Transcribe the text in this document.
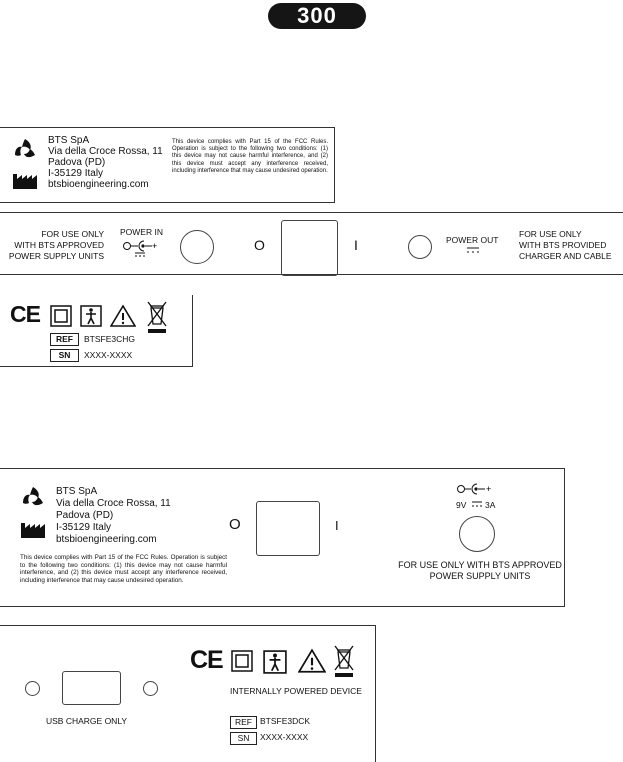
300
BTS SpA
Via della Croce Rossa, 11
Padova (PD)
I-35129 Italy
btsbioengineering.com
This device complies with Part 15 of the FCC Rules. Operation is subject to the following two conditions: (1) this device may not cause harmful interference, and (2) this device must accept any interference received, including interference that may cause undesired operation.
FOR USE ONLY
WITH BTS APPROVED
POWER SUPPLY UNITS
POWER IN
+	O	I	POWER OUT
FOR USE ONLY
WITH BTS PROVIDED
CHARGER AND CABLE
CE
REF	BTSFE3CHG
SN	XXXX-XXXX
BTS SpA
Via della Croce Rossa, 11
Padova (PD)
I-35129 Italy
btsbioengineering.com
This device complies with Part 15 of the FCC Rules. Operation is subject to the following two conditions: (1) this device may not cause harmful interference, and (2) this device must accept any interference received, including interference that may cause undesired operation.
O	I
+
9V 3A
FOR USE ONLY WITH BTS APPROVED
POWER SUPPLY UNITS
USB CHARGE ONLY
CE
INTERNALLY POWERED DEVICE
REF BTSFE3DCK
SN	XXXX-XXXX
